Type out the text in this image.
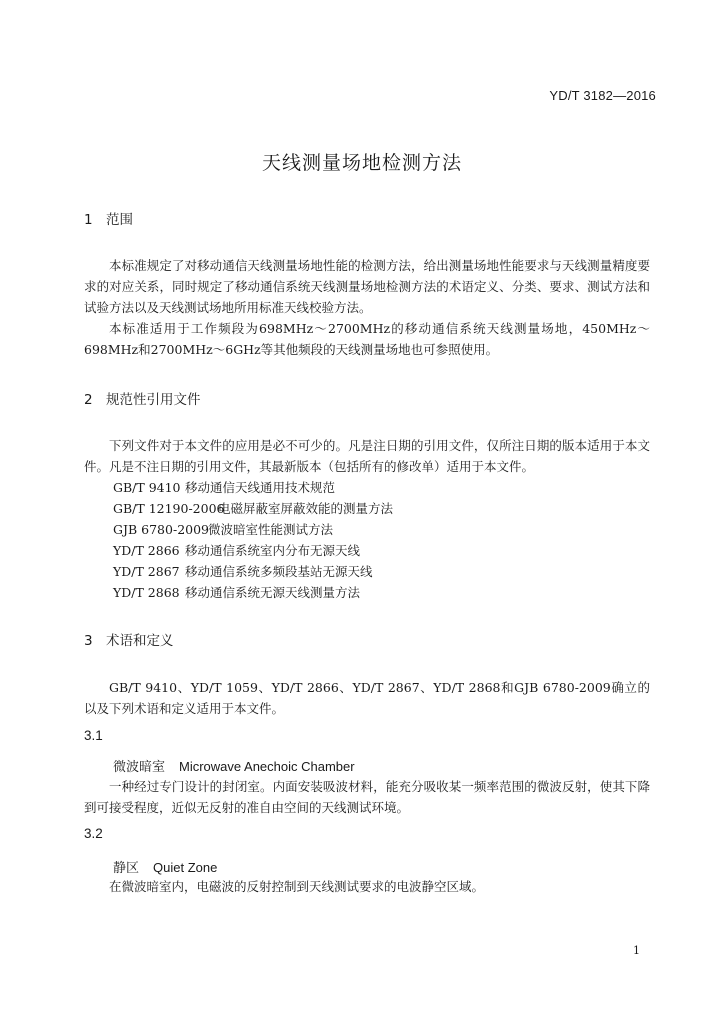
YD/T 3182—2016
天线测量场地检测方法
1 范围

本标准规定了对移动通信天线测量场地性能的检测方法，给出测量场地性能要求与天线测量精度要求的对应关系，同时规定了移动通信系统天线测量场地检测方法的术语定义、分类、要求、测试方法和试验方法以及天线测试场地所用标准天线校验方法。

本标准适用于工作频段为698MHz～2700MHz的移动通信系统天线测量场地，450MHz～698MHz和2700MHz～6GHz等其他频段的天线测量场地也可参照使用。

2 规范性引用文件

下列文件对于本文件的应用是必不可少的。凡是注日期的引用文件，仅所注日期的版本适用于本文件。凡是不注日期的引用文件，其最新版本（包括所有的修改单）适用于本文件。

GB/T 9410 移动通信天线通用技术规范
GB/T 12190-2006电磁屏蔽室屏蔽效能的测量方法
GJB 6780-2009微波暗室性能测试方法
YD/T 2866 移动通信系统室内分布无源天线
YD/T 2867 移动通信系统多频段基站无源天线
YD/T 2868 移动通信系统无源天线测量方法
3 术语和定义

GB/T 9410、YD/T 1059、YD/T 2866、YD/T 2867、YD/T 2868和GJB 6780-2009确立的以及下列术语和定义适用于本文件。

3.1
微波暗室 Microwave Anechoic Chamber

一种经过专门设计的封闭室。内面安装吸波材料，能充分吸收某一频率范围的微波反射，使其下降到可接受程度，近似无反射的准自由空间的天线测试环境。

3.2
静区 Quiet Zone

在微波暗室内，电磁波的反射控制到天线测试要求的电波静空区域。

1
